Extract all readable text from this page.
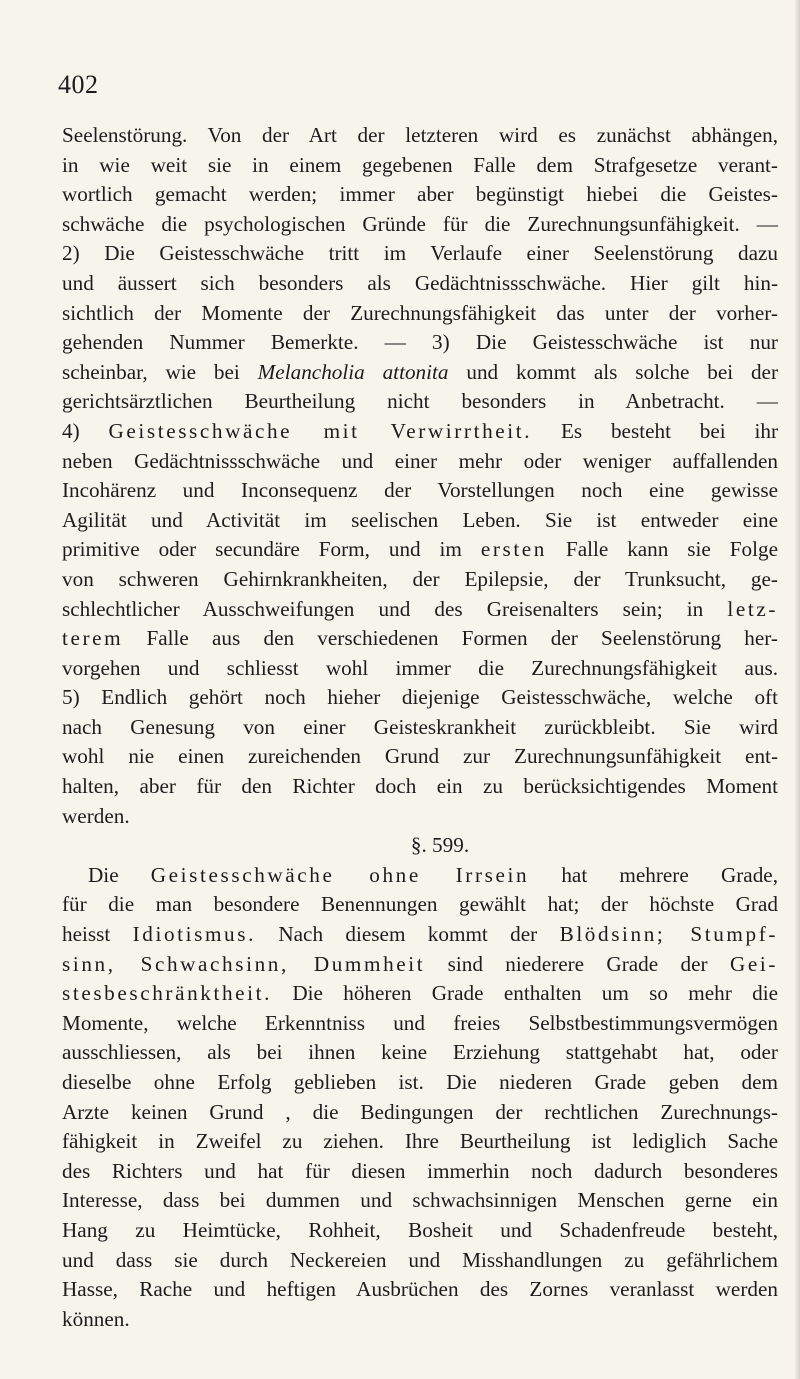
402

Seelenstörung. Von der Art der letzteren wird es zunächst abhängen,
in wie weit sie in einem gegebenen Falle dem Strafgesetze verant-
wortlich gemacht werden; immer aber begünstigt hiebei die Geistes-
schwäche die psychologischen Gründe für die Zurechnungsunfähigkeit. —
2) Die Geistesschwäche tritt im Verlaufe einer Seelenstörung dazu
und äussert sich besonders als Gedächtnissschwäche. Hier gilt hin-
sichtlich der Momente der Zurechnungsfähigkeit das unter der vorher-
gehenden Nummer Bemerkte. — 3) Die Geistesschwäche ist nur
scheinbar, wie bei Melancholia attonita und kommt als solche bei der
gerichtsärztlichen Beurtheilung nicht besonders in Anbetracht. —
4) Geistesschwäche mit Verwirrtheit. Es besteht bei ihr
neben Gedächtnissschwäche und einer mehr oder weniger auffallenden
Incohärenz und Inconsequenz der Vorstellungen noch eine gewisse
Agilität und Activität im seelischen Leben. Sie ist entweder eine
primitive oder secundäre Form, und im ersten Falle kann sie Folge
von schweren Gehirnkrankheiten, der Epilepsie, der Trunksucht, ge-
schlechtlicher Ausschweifungen und des Greisenalters sein; in letz-
terem Falle aus den verschiedenen Formen der Seelenstörung her-
vorgehen und schliesst wohl immer die Zurechnungsfähigkeit aus.
5) Endlich gehört noch hieher diejenige Geistesschwäche, welche oft
nach Genesung von einer Geisteskrankheit zurückbleibt. Sie wird
wohl nie einen zureichenden Grund zur Zurechnungsunfähigkeit ent-
halten, aber für den Richter doch ein zu berücksichtigendes Moment
werden.

§. 599.

Die Geistesschwäche ohne Irrsein hat mehrere Grade,
für die man besondere Benennungen gewählt hat; der höchste Grad
heisst Idiotismus. Nach diesem kommt der Blödsinn; Stumpf-
sinn, Schwachsinn, Dummheit sind niederere Grade der Gei-
stesbeschränktheit. Die höheren Grade enthalten um so mehr die
Momente, welche Erkenntniss und freies Selbstbestimmungsvermögen
ausschliessen, als bei ihnen keine Erziehung stattgehabt hat, oder
dieselbe ohne Erfolg geblieben ist. Die niederen Grade geben dem
Arzte keinen Grund , die Bedingungen der rechtlichen Zurechnungs-
fähigkeit in Zweifel zu ziehen. Ihre Beurtheilung ist lediglich Sache
des Richters und hat für diesen immerhin noch dadurch besonderes
Interesse, dass bei dummen und schwachsinnigen Menschen gerne ein
Hang zu Heimtücke, Rohheit, Bosheit und Schadenfreude besteht,
und dass sie durch Neckereien und Misshandlungen zu gefährlichem
Hasse, Rache und heftigen Ausbrüchen des Zornes veranlasst werden
können.
